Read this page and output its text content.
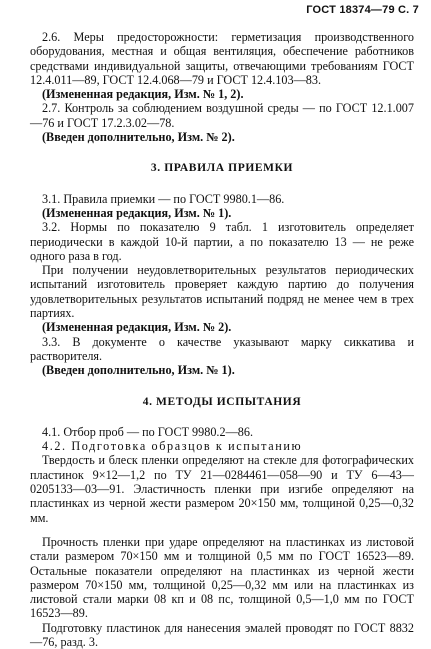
ГОСТ 18374—79 С. 7

2.6. Меры предосторожности: герметизация производственного оборудования, местная и общая вентиляция, обеспечение работников средствами индивидуальной защиты, отвечающими требованиям ГОСТ 12.4.011—89, ГОСТ 12.4.068—79 и ГОСТ 12.4.103—83.

(Измененная редакция, Изм. № 1, 2).

2.7. Контроль за соблюдением воздушной среды — по ГОСТ 12.1.007—76 и ГОСТ 17.2.3.02—78.

(Введен дополнительно, Изм. № 2).

3. ПРАВИЛА ПРИЕМКИ

3.1. Правила приемки — по ГОСТ 9980.1—86.

(Измененная редакция, Изм. № 1).

3.2. Нормы по показателю 9 табл. 1 изготовитель определяет периодически в каждой 10-й партии, а по показателю 13 — не реже одного раза в год.

При получении неудовлетворительных результатов периодических испытаний изготовитель проверяет каждую партию до получения удовлетворительных результатов испытаний подряд не менее чем в трех партиях.

(Измененная редакция, Изм. № 2).

3.3. В документе о качестве указывают марку сиккатива и растворителя.

(Введен дополнительно, Изм. № 1).

4. МЕТОДЫ ИСПЫТАНИЯ

4.1. Отбор проб — по ГОСТ 9980.2—86.

4.2. Подготовка образцов к испытанию

Твердость и блеск пленки определяют на стекле для фотографических пластинок 9×12—1,2 по ТУ 21—0284461—058—90 и ТУ 6—43—0205133—03—91. Эластичность пленки при изгибе определяют на пластинках из черной жести размером 20×150 мм, толщиной 0,25—0,32 мм.

Прочность пленки при ударе определяют на пластинках из листовой стали размером 70×150 мм и толщиной 0,5 мм по ГОСТ 16523—89. Остальные показатели определяют на пластинках из черной жести размером 70×150 мм, толщиной 0,25—0,32 мм или на пластинках из листовой стали марки 08 кп и 08 пс, толщиной 0,5—1,0 мм по ГОСТ 16523—89.

Подготовку пластинок для нанесения эмалей проводят по ГОСТ 8832—76, разд. 3.
